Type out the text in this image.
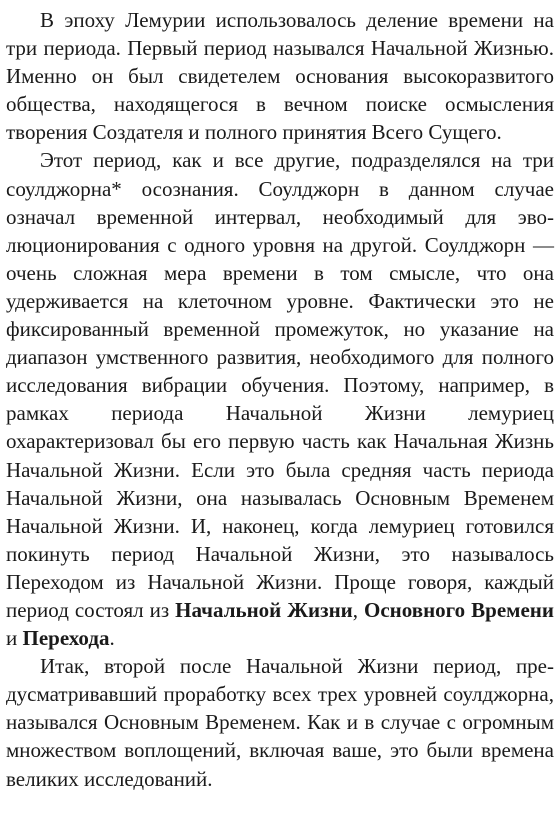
В эпоху Лемурии использовалось деление времени на три периода. Первый период назывался Начальной Жизнью. Именно он был свидетелем основания высокоразвитого общества, находящегося в вечном поиске осмысления творения Создателя и полного принятия Всего Сущего.

Этот период, как и все другие, подразделялся на три соулджорна* осознания. Соулджорн в данном случае означал временной интервал, необходимый для эволюционирования с одного уровня на другой. Соулджорн — очень сложная мера времени в том смысле, что она удерживается на клеточном уровне. Фактически это не фиксированный временной промежуток, но указание на диапазон умственного развития, необходимого для полного исследования вибрации обучения. Поэтому, например, в рамках периода Начальной Жизни лемуриец охарактеризовал бы его первую часть как Начальная Жизнь Начальной Жизни. Если это была средняя часть периода Начальной Жизни, она называлась Основным Временем Начальной Жизни. И, наконец, когда лемуриец готовился покинуть период Начальной Жизни, это называлось Переходом из Начальной Жизни. Проще говоря, каждый период состоял из Начальной Жизни, Основного Времени и Перехода.

Итак, второй после Начальной Жизни период, предусматривавший проработку всех трех уровней соулджорна, назывался Основным Временем. Как и в случае с огромным множеством воплощений, включая ваше, это были времена великих исследований.
